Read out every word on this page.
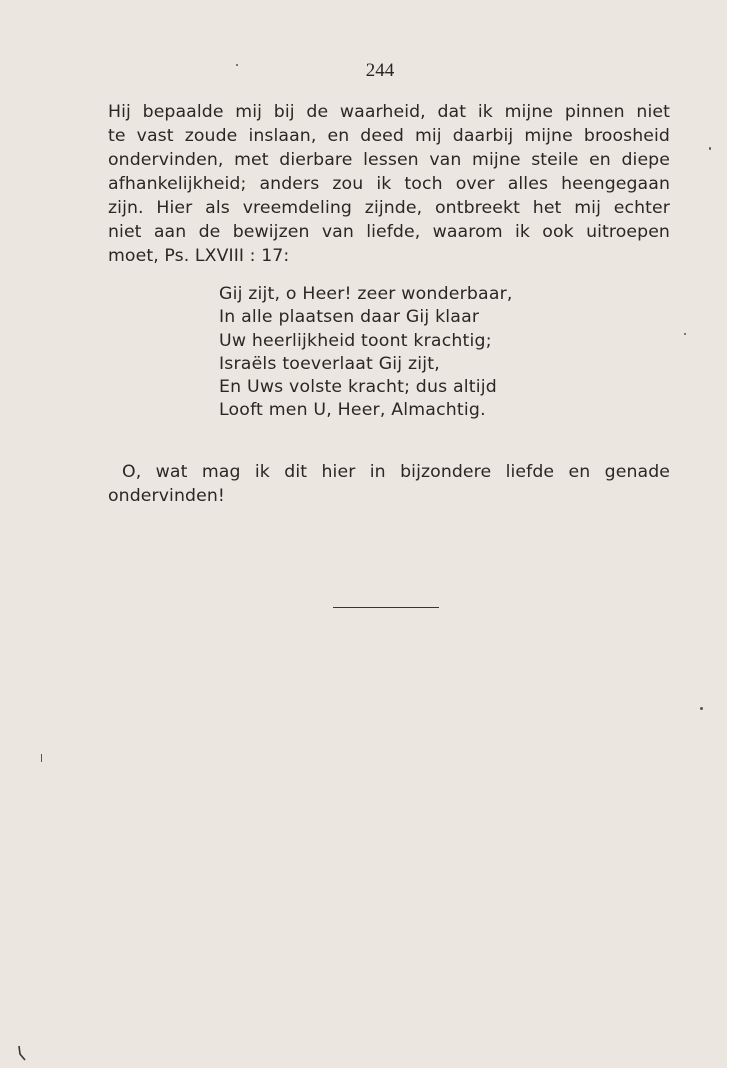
244
Hij bepaalde mij bij de waarheid, dat ik mijne pinnen niet
te vast zoude inslaan, en deed mij daarbij mijne broosheid
ondervinden, met dierbare lessen van mijne steile en diepe
afhankelijkheid; anders zou ik toch over alles heengegaan
zijn. Hier als vreemdeling zijnde, ontbreekt het mij echter
niet aan de bewijzen van liefde, waarom ik ook uitroepen
moet, Ps. LXVIII : 17:
Gij zijt, o Heer! zeer wonderbaar,
In alle plaatsen daar Gij klaar
Uw heerlijkheid toont krachtig;
Israëls toeverlaat Gij zijt,
En Uws volste kracht; dus altijd
Looft men U, Heer, Almachtig.
O, wat mag ik dit hier in bijzondere liefde en genade
ondervinden!
